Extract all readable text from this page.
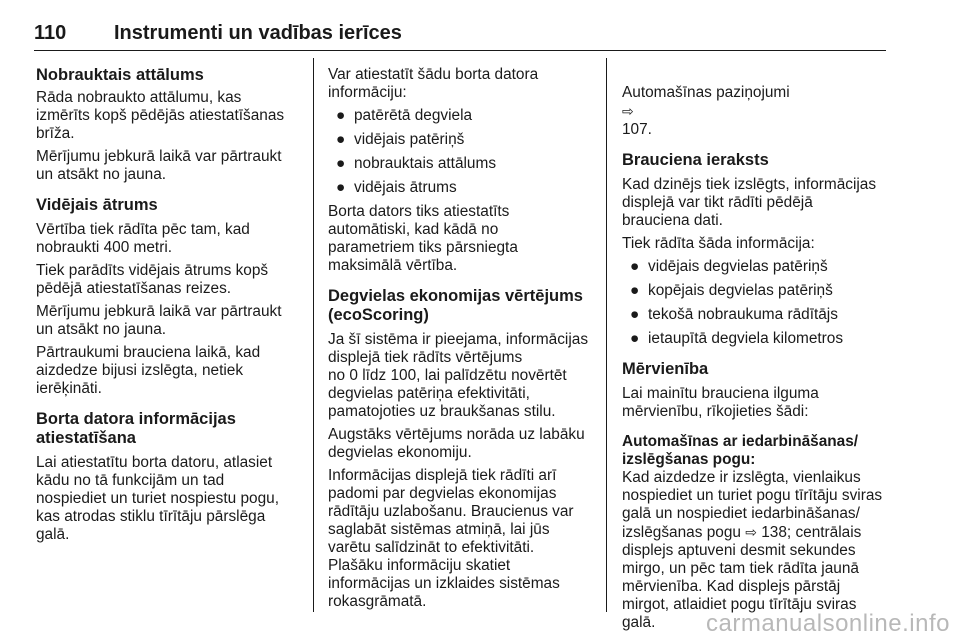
110 Instrumenti un vadības ierīces
Nobrauktais attālums

Rāda nobraukto attālumu, kas
izmērīts kopš pēdējās atiestatīšanas
brīža.

Mērījumu jebkurā laikā var pārtraukt
un atsākt no jauna.

Vidējais ātrums

Vērtība tiek rādīta pēc tam, kad
nobraukti 400 metri.

Tiek parādīts vidējais ātrums kopš
pēdējā atiestatīšanas reizes.

Mērījumu jebkurā laikā var pārtraukt
un atsākt no jauna.

Pārtraukumi brauciena laikā, kad
aizdedze bijusi izslēgta, netiek
ierēķināti.

Borta datora informācijas
atiestatīšana

Lai atiestatītu borta datoru, atlasiet
kādu no tā funkcijām un tad
nospiediet un turiet nospiestu pogu,
kas atrodas stiklu tīrītāju pārslēga
galā.

Var atiestatīt šādu borta datora
informāciju:

● patērētā degviela
● vidējais patēriņš
● nobrauktais attālums
● vidējais ātrums

Borta dators tiks atiestatīts
automātiski, kad kādā no
parametriem tiks pārsniegta
maksimālā vērtība.

Degvielas ekonomijas vērtējums
(ecoScoring)

Ja šī sistēma ir pieejama, informācijas
displejā tiek rādīts vērtējums
no 0 līdz 100, lai palīdzētu novērtēt
degvielas patēriņa efektivitāti,
pamatojoties uz braukšanas stilu.

Augstāks vērtējums norāda uz labāku
degvielas ekonomiju.

Informācijas displejā tiek rādīti arī
padomi par degvielas ekonomijas
rādītāju uzlabošanu. Braucienus var
saglabāt sistēmas atmiņā, lai jūs
varētu salīdzināt to efektivitāti.
Plašāku informāciju skatiet
informācijas un izklaides sistēmas
rokasgrāmatā.

Automašīnas paziņojumi
⇨
107.

Brauciena ieraksts

Kad dzinējs tiek izslēgts, informācijas
displejā var tikt rādīti pēdējā
brauciena dati.

Tiek rādīta šāda informācija:

● vidējais degvielas patēriņš
● kopējais degvielas patēriņš
● tekošā nobraukuma rādītājs
● ietaupītā degviela kilometros
Mērvienība

Lai mainītu brauciena ilguma
mērvienību, rīkojieties šādi:

Automašīnas ar iedarbināšanas/
izslēgšanas pogu:

Kad aizdedze ir izslēgta, vienlaikus
nospiediet un turiet pogu tīrītāju sviras
galā un nospiediet iedarbināšanas/
izslēgšanas pogu ⇨ 138; centrālais

displejs aptuveni desmit sekundes
mirgo, un pēc tam tiek rādīta jaunā
mērvienība. Kad displejs pārstāj
mirgot, atlaidiet pogu tīrītāju sviras
galā.	carmanualsonline.info
